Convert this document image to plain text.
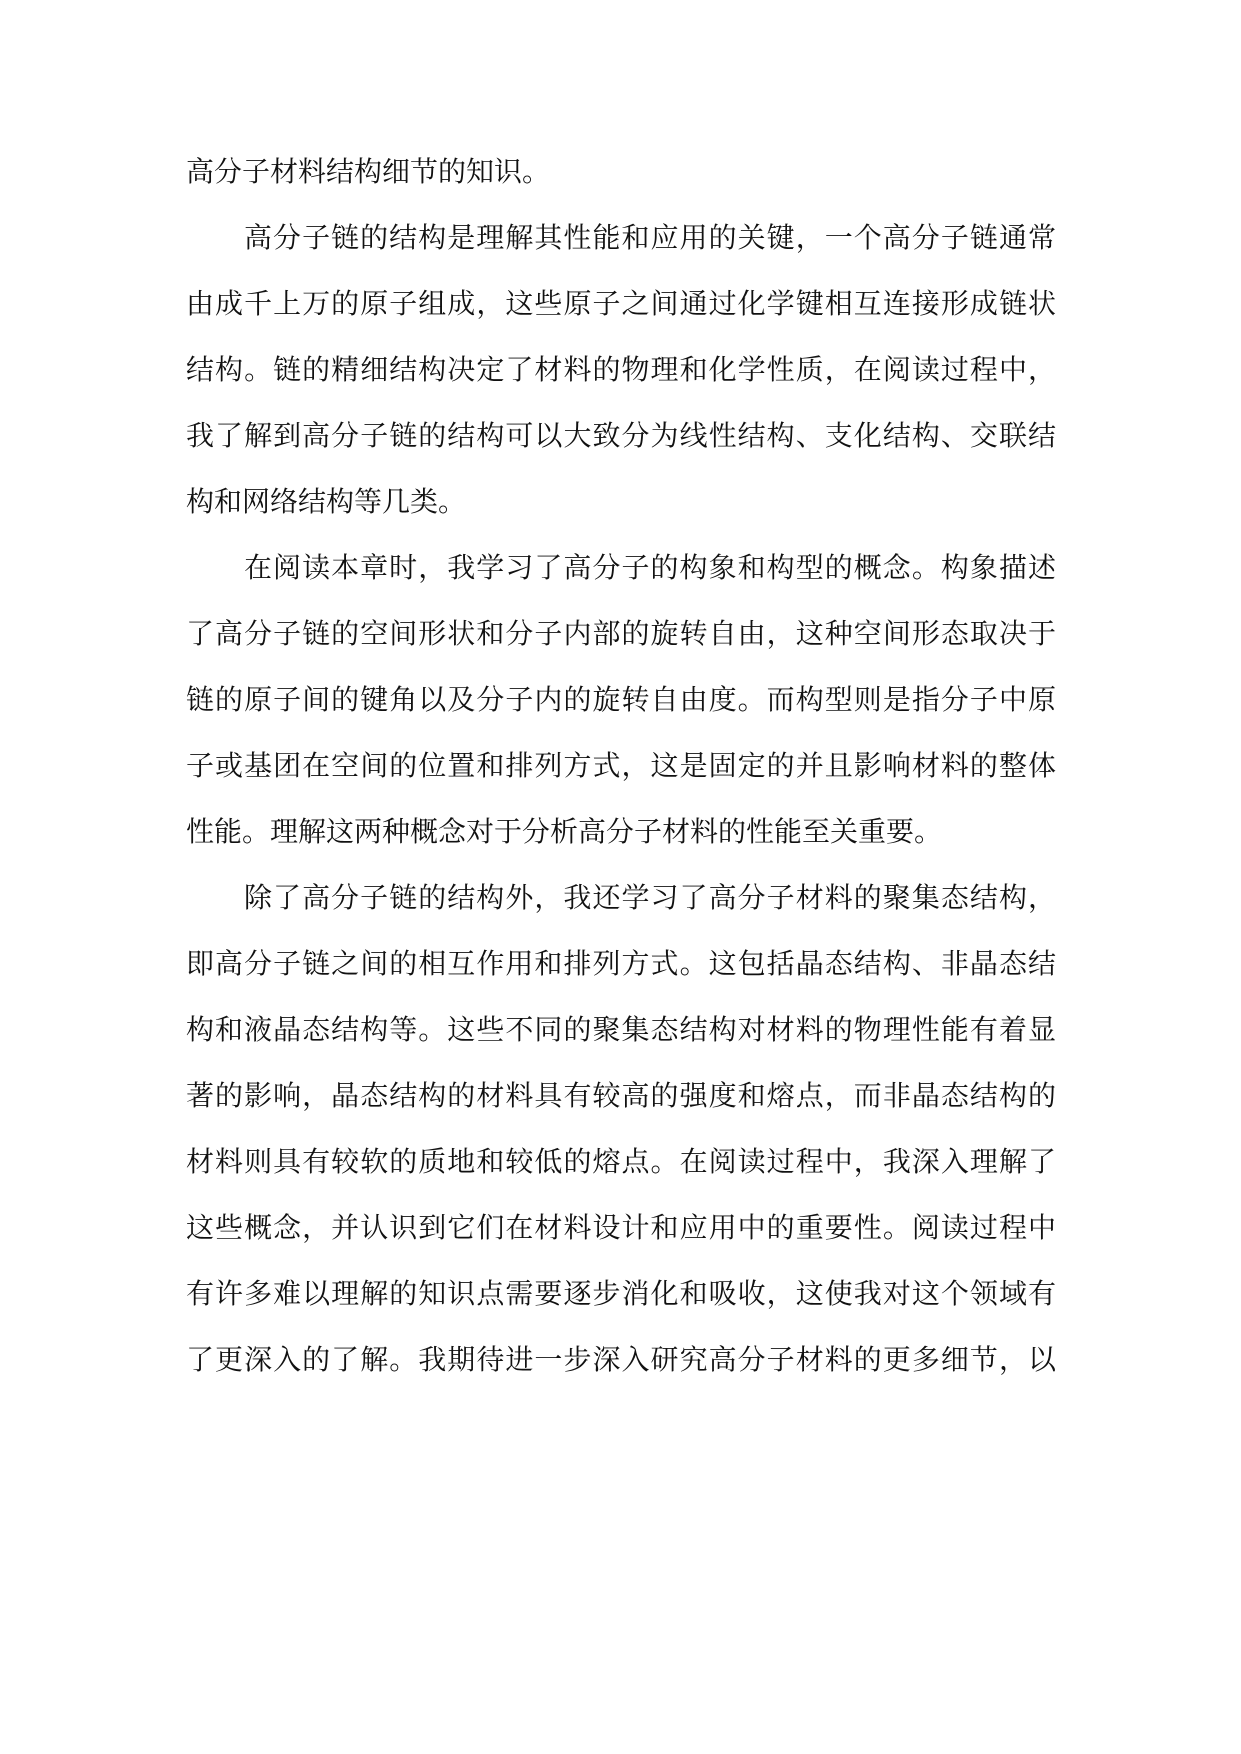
高分子材料结构细节的知识。
高分子链的结构是理解其性能和应用的关键，一个高分子链通常
由成千上万的原子组成，这些原子之间通过化学键相互连接形成链状
结构。链的精细结构决定了材料的物理和化学性质，在阅读过程中，
我了解到高分子链的结构可以大致分为线性结构、支化结构、交联结
构和网络结构等几类。
在阅读本章时，我学习了高分子的构象和构型的概念。构象描述
了高分子链的空间形状和分子内部的旋转自由，这种空间形态取决于
链的原子间的键角以及分子内的旋转自由度。而构型则是指分子中原
子或基团在空间的位置和排列方式，这是固定的并且影响材料的整体
性能。理解这两种概念对于分析高分子材料的性能至关重要。
除了高分子链的结构外，我还学习了高分子材料的聚集态结构，
即高分子链之间的相互作用和排列方式。这包括晶态结构、非晶态结
构和液晶态结构等。这些不同的聚集态结构对材料的物理性能有着显
著的影响，晶态结构的材料具有较高的强度和熔点，而非晶态结构的
材料则具有较软的质地和较低的熔点。在阅读过程中，我深入理解了
这些概念，并认识到它们在材料设计和应用中的重要性。阅读过程中
有许多难以理解的知识点需要逐步消化和吸收，这使我对这个领域有
了更深入的了解。我期待进一步深入研究高分子材料的更多细节，以
